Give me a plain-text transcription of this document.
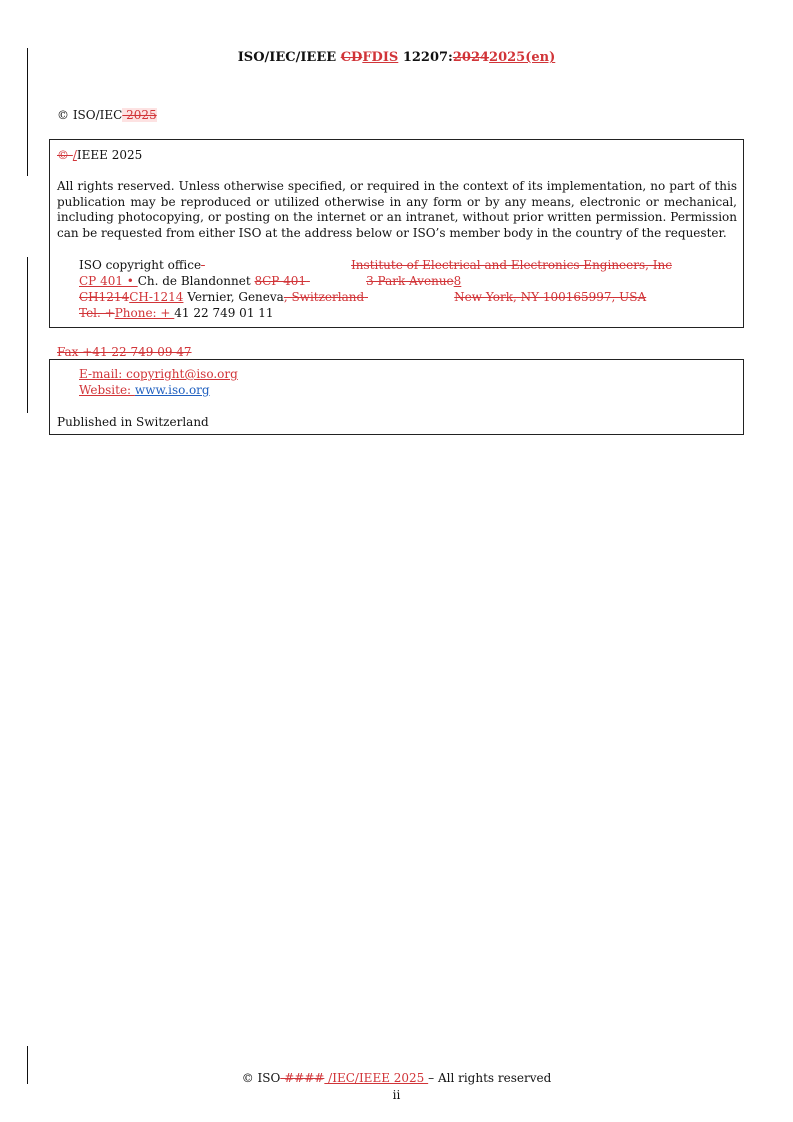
ISO/IEC/IEEE CDFDIS 12207:20242025(en)
© ISO/IEC 2025
© /IEEE 2025
All rights reserved. Unless otherwise specified, or required in the context of its implementation, no part of this publication may be reproduced or utilized otherwise in any form or by any means, electronic or mechanical, including photocopying, or posting on the internet or an intranet, without prior written permission. Permission can be requested from either ISO at the address below or ISO’s member body in the country of the requester.
ISO copyright office	Institute of Electrical and Electronics Engineers, Inc
CP 401 • Ch. de Blandonnet 8CP 401	3 Park Avenue8
CH1214CH-1214 Vernier, Geneva, Switzerland	New York, NY 100165997, USA
Tel. +Phone: + 41 22 749 01 11
Fax +41 22 749 09 47
E-mail: copyright@iso.org
Website: www.iso.org
Published in Switzerland
© ISO #### /IEC/IEEE 2025 – All rights reserved
ii
